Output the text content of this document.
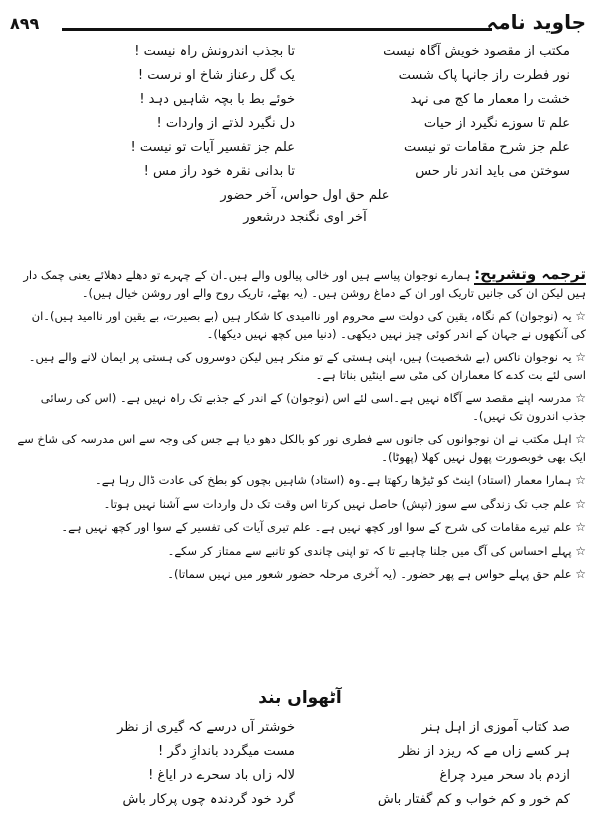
۸۹۹	جاوید نامہ
مکتب از مقصود خویش آگاہ نیست
تا بجذب اندرونش راہ نیست !
نور فطرت راز جانہا پاک شست
یک گل رعناز شاخ او نرست !
خشت را معمار ما کج می نہد
خوئے بط با بچہ شاہیں دہد !
علم تا سوزے نگیرد از حیات
دل نگیرد لذتے از واردات !
علم جز شرح مقامات تو نیست
علم جز تفسیر آیات تو نیست !
سوختن می باید اندر نار حس
تا بدانی نقرہ خود راز مس !
علم حق اول حواس، آخر حضور
آخر اوی نگنجد درشعور

ترجمہ وتشریح: ہمارے نوجوان پیاسے ہیں اور خالی پیالوں والے ہیں۔ان کے چہرے تو دھلے دھلائے یعنی چمک دار ہیں لیکن ان کی جانیں تاریک اور ان کے دماغ روشن ہیں۔ (یہ بھٹے، تاریک روح والے اور روشن خیال ہیں)۔

☆ یہ (نوجوان) کم نگاہ، یقین کی دولت سے محروم اور ناامیدی کا شکار ہیں (بے بصیرت، بے یقین اور ناامید ہیں)۔ان کی آنکھوں نے جہان کے اندر کوئی چیز نہیں دیکھی۔ (دنیا میں کچھ نہیں دیکھا)۔

☆ یہ نوجوان ناکس (بے شخصیت) ہیں، اپنی ہستی کے تو منکر ہیں لیکن دوسروں کی ہستی پر ایمان لانے والے ہیں۔اسی لئے بت کدے کا معماران کی مٹی سے اینٹیں بناتا ہے۔

☆ مدرسہ اپنے مقصد سے آگاہ نہیں ہے۔اسی لئے اس (نوجوان) کے اندر کے جذبے تک راہ نہیں ہے۔ (اس کی رسائی جذب اندرون تک نہیں)۔

☆ اہل مکتب نے ان نوجوانوں کی جانوں سے فطری نور کو بالکل دھو دیا ہے جس کی وجہ سے اس مدرسہ کی شاخ سے ایک بھی خوبصورت پھول نہیں کھلا (پھوٹا)۔

☆ ہمارا معمار (استاد) اینٹ کو ٹیڑھا رکھتا ہے۔وہ (استاد) شاہیں بچوں کو بطخ کی عادت ڈال رہا ہے۔

☆ علم جب تک زندگی سے سوز (تپش) حاصل نہیں کرتا اس وقت تک دل واردات سے آشنا نہیں ہوتا۔

☆ علم تیرے مقامات کی شرح کے سوا اور کچھ نہیں ہے۔ علم تیری آیات کی تفسیر کے سوا اور کچھ نہیں ہے۔

☆ پہلے احساس کی آگ میں جلنا چاہیے تا کہ تو اپنی چاندی کو تانبے سے ممتاز کر سکے۔

☆ علم حق پہلے حواس ہے پھر حضور۔ (یہ آخری مرحلہ حضور شعور میں نہیں سماتا)۔

آٹھواں بند
صد کتاب آموزی از اہل ہنر
خوشتر آں درسے کہ گیری از نظر
ہر کسے زاں مے کہ ریزد از نظر
مست میگردد باندازِ دگر !
ازدم باد سحر میرد چراغ
لالہ زاں باد سحرے در ایاغ !
کم خور و کم خواب و کم گفتار باش
گرد خود گردندہ چوں پرکار باش
